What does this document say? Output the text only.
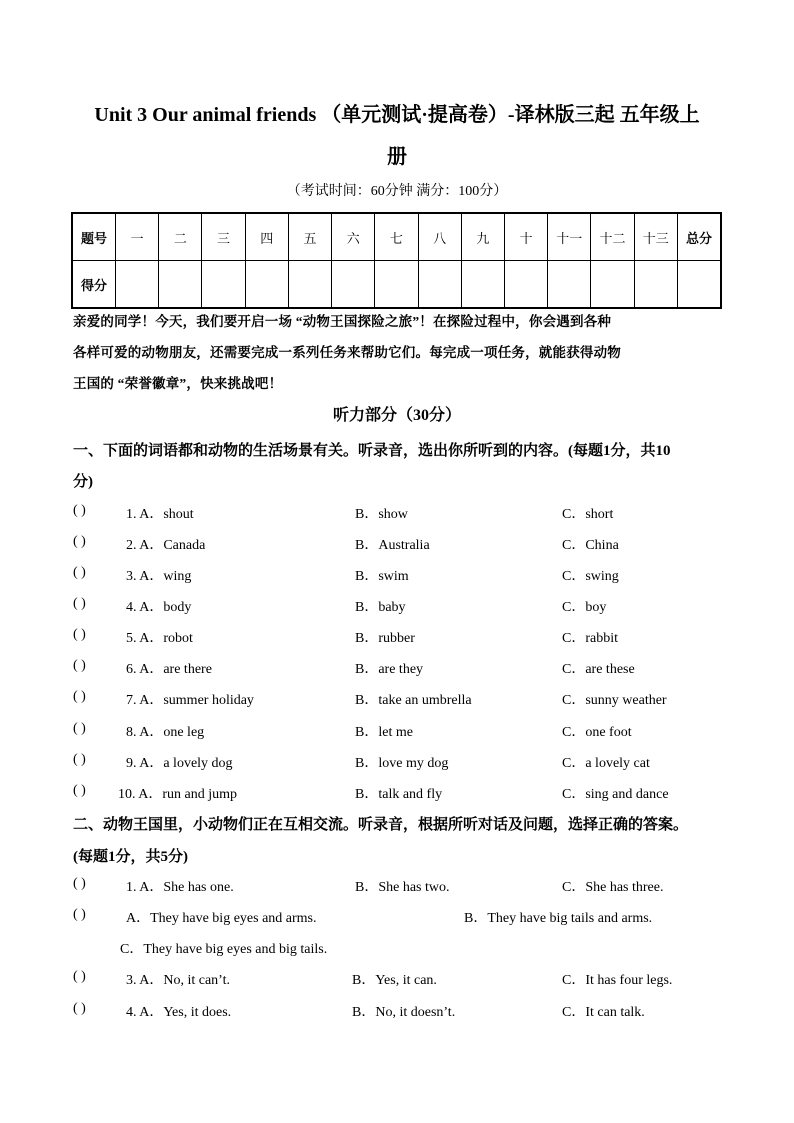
Unit 3 Our animal friends （单元测试·提高卷）-译林版三起 五年级上
册
（考试时间：60分钟 满分：100分）
题号	一	二	三	四	五	六	七	八	九	十	十一	十二	十三	总分
得分														
亲爱的同学！今天，我们要开启一场 “动物王国探险之旅”！在探险过程中，你会遇到各种
各样可爱的动物朋友，还需要完成一系列任务来帮助它们。每完成一项任务，就能获得动物
王国的 “荣誉徽章”，快来挑战吧！
听力部分（30分）
一、下面的词语都和动物的生活场景有关。听录音，选出你所听到的内容。(每题1分，共10
分)
( )	1. A．shout	B．show	C．short
( )	2. A．Canada	B．Australia	C．China
( )	3. A．wing	B．swim	C．swing
( )	4. A．body	B．baby	C．boy
( )	5. A．robot	B．rubber	C．rabbit
( )	6. A．are there	B．are they	C．are these
( )	7. A．summer holiday	B．take an umbrella	C．sunny weather
( )	8. A．one leg	B．let me	C．one foot
( )	9. A．a lovely dog	B．love my dog	C．a lovely cat
( ) 10. A．run and jump	B．talk and fly	C．sing and dance
二、动物王国里，小动物们正在互相交流。听录音，根据所听对话及问题，选择正确的答案。
(每题1分，共5分)
( )	1. A．She has one.	B．She has two.	C．She has three.
( )	A．They have big eyes and arms.	B．They have big tails and arms.
C．They have big eyes and big tails.
( )	3. A．No, it can’t.	B．Yes, it can.	C．It has four legs.
( )	4. A．Yes, it does.	B．No, it doesn’t.	C．It can talk.
